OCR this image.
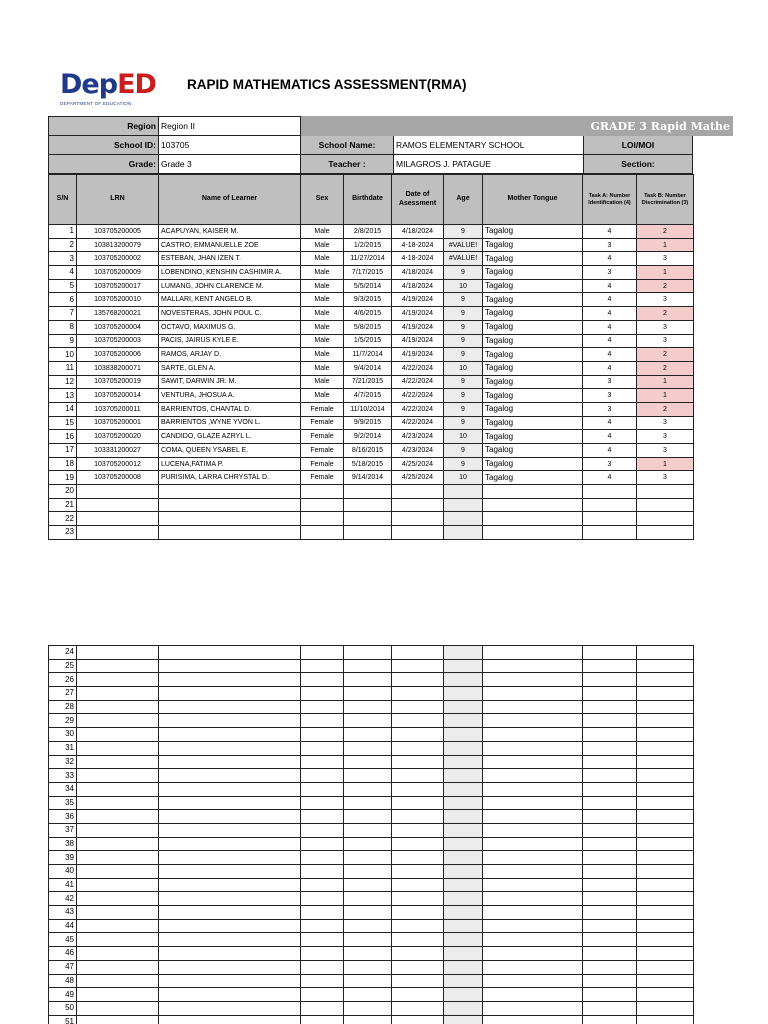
DepED
DEPARTMENT OF EDUCATION
RAPID MATHEMATICS ASSESSMENT(RMA)
Region	Region II	GRADE 3 Rapid Mathe			
School ID:	103705	School Name:	RAMOS ELEMENTARY SCHOOL	LOI/MOI	
Grade:	Grade 3	Teacher :	MILAGROS J. PATAGUE	Section:	
S/N	LRN	Name of Learner	Sex	Birthdate	Date of Asessment	Age	Mother Tongue	Task A: Number Identification (4)	Task B: Number Discrimination (3)
1	103705200005	ACAPUYAN, KAISER M.	Male	2/8/2015	4/18/2024	9	Tagalog	4	2
2	103813200079	CASTRO, EMMANUELLE ZOE	Male	1/2/2015	4-18-2024	#VALUE!	Tagalog	3	1
3	103705200002	ESTEBAN, JHAN IZEN T.	Male	11/27/2014	4-18-2024	#VALUE!	Tagalog	4	3
4	103705200009	LOBENDINO, KENSHIN CASHIMIR A.	Male	7/17/2015	4/18/2024	9	Tagalog	3	1
5	103705200017	LUMANG, JOHN CLARENCE M.	Male	5/5/2014	4/18/2024	10	Tagalog	4	2
6	103705200010	MALLARI, KENT ANGELO B.	Male	9/3/2015	4/19/2024	9	Tagalog	4	3
7	135768200021	NOVESTERAS, JOHN POUL C.	Male	4/6/2015	4/19/2024	9	Tagalog	4	2
8	103705200004	OCTAVO, MAXIMUS G.	Male	5/8/2015	4/19/2024	9	Tagalog	4	3
9	103705200003	PACIS, JAIRUS KYLE E.	Male	1/5/2015	4/19/2024	9	Tagalog	4	3
10	103705200006	RAMOS, ARJAY D.	Male	11/7/2014	4/19/2024	9	Tagalog	4	2
11	103838200071	SARTE, GLEN A.	Male	9/4/2014	4/22/2024	10	Tagalog	4	2
12	103705200019	SAWIT, DARWIN JR. M.	Male	7/21/2015	4/22/2024	9	Tagalog	3	1
13	103705200014	VENTURA, JHOSUA A.	Male	4/7/2015	4/22/2024	9	Tagalog	3	1
14	103705200011	BARRIENTOS, CHANTAL D.	Female	11/10/2014	4/22/2024	9	Tagalog	3	2
15	103705200001	BARRIENTOS ,WYNE YVON L.	Female	9/9/2015	4/22/2024	9	Tagalog	4	3
16	103705200020	CANDIDO, GLAZE AZRYL L.	Female	9/2/2014	4/23/2024	10	Tagalog	4	3
17	103331200027	COMA, QUEEN YSABEL E.	Female	8/16/2015	4/23/2024	9	Tagalog	4	3
18	103705200012	LUCENA,FATIMA P.	Female	5/18/2015	4/25/2024	9	Tagalog	3	1
19	103705200008	PURISIMA, LARRA CHRYSTAL D.	Female	9/14/2014	4/25/2024	10	Tagalog	4	3
20									
21									
22									
23									
24									
25									
26									
27									
28									
29									
30									
31									
32									
33									
34									
35									
36									
37									
38									
39									
40									
41									
42									
43									
44									
45									
46									
47									
48									
49									
50									
51									
